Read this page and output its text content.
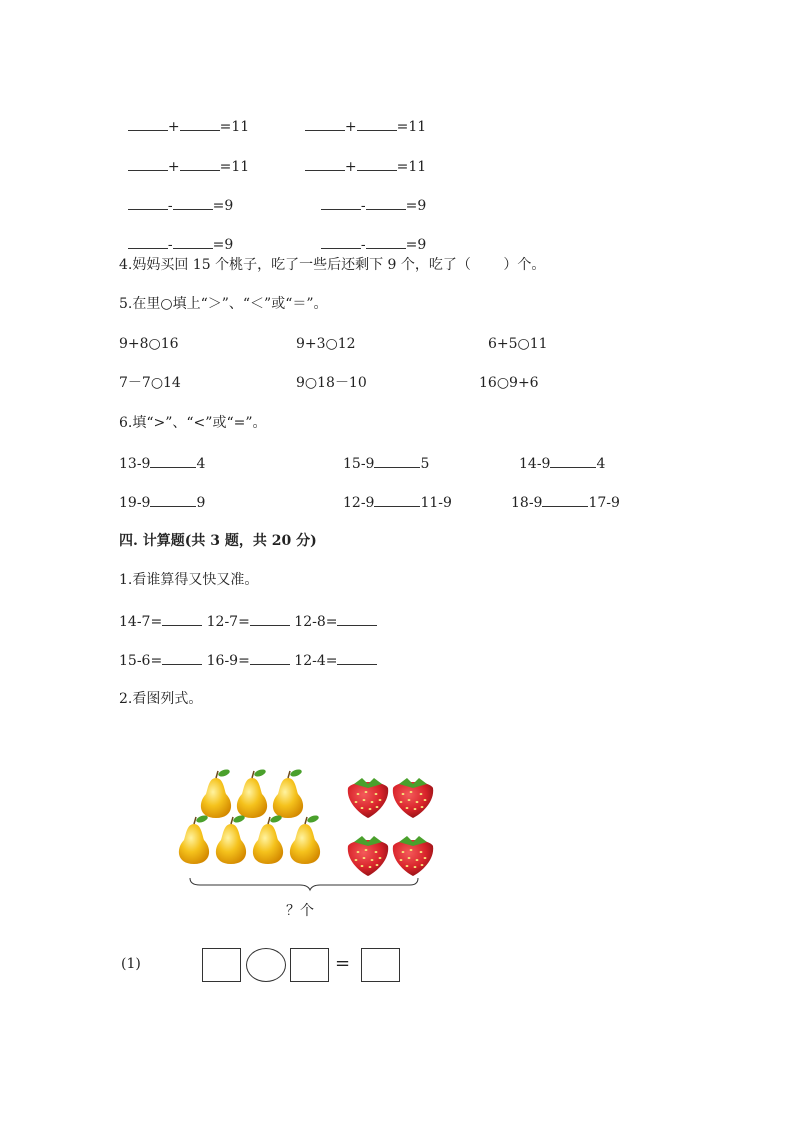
+	=11	+	=11

+	=11	+	=11

-	=9	-	=9

-	=9	-	=9

4.妈妈买回 15 个桃子，吃了一些后还剩下 9 个，吃了（　　 ）个。
5.在里○填上“＞”、“＜”或“＝”。
9+8○16	9+3○12	6+5○11
7－7○14	9○18－10	16○9+6
6.填“>”、“<”或“=”。
13-9	4	15-9	5	14-9	4
19-9	9	12-9	11-9	18-9	17-9
四. 计算题(共 3 题，共 20 分)
1.看谁算得又快又准。
14-7=	12-7=	12-8=
15-6=	16-9=	12-4=
2.看图列式。
？个
(1)	=
